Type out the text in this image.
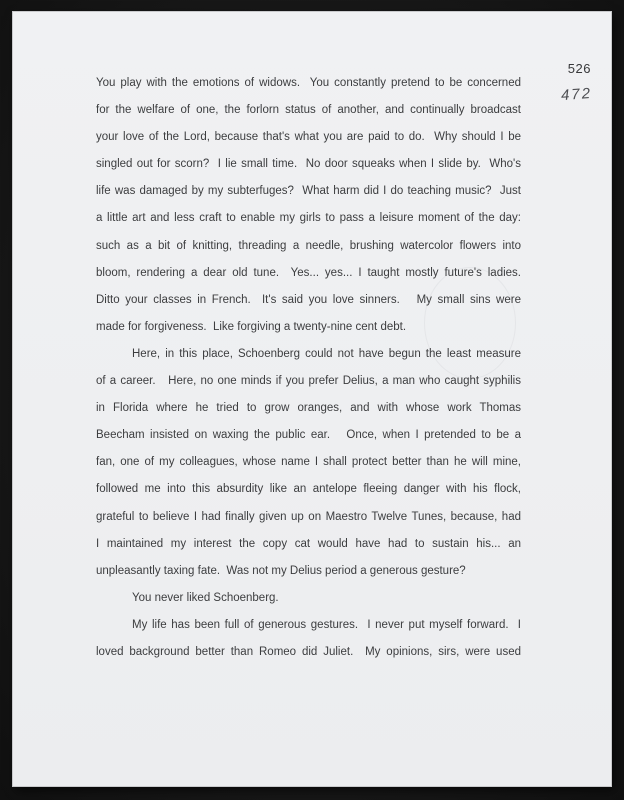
526
472
You play with the emotions of widows.  You constantly pretend to be concerned
for the welfare of one, the forlorn status of another, and continually broadcast
your love of the Lord, because that's what you are paid to do.  Why should I be
singled out for scorn?  I lie small time.  No door squeaks when I slide by.  Who's
life was damaged by my subterfuges?  What harm did I do teaching music?  Just
a little art and less craft to enable my girls to pass a leisure moment of the day:
such as a bit of knitting, threading a needle, brushing watercolor flowers into
bloom, rendering a dear old tune.  Yes... yes... I taught mostly future's ladies.
Ditto your classes in French.  It's said you love sinners.   My small sins were
made for forgiveness.  Like forgiving a twenty-nine cent debt.
Here, in this place, Schoenberg could not have begun the least measure
of a career.   Here, no one minds if you prefer Delius, a man who caught syphilis
in Florida where he tried to grow oranges, and with whose work Thomas
Beecham insisted on waxing the public ear.   Once, when I pretended to be a
fan, one of my colleagues, whose name I shall protect better than he will mine,
followed me into this absurdity like an antelope fleeing danger with his flock,
grateful to believe I had finally given up on Maestro Twelve Tunes, because, had
I maintained my interest the copy cat would have had to sustain his... an
unpleasantly taxing fate.  Was not my Delius period a generous gesture?
You never liked Schoenberg.
My life has been full of generous gestures.  I never put myself forward.  I
loved background better than Romeo did Juliet.  My opinions, sirs, were used
